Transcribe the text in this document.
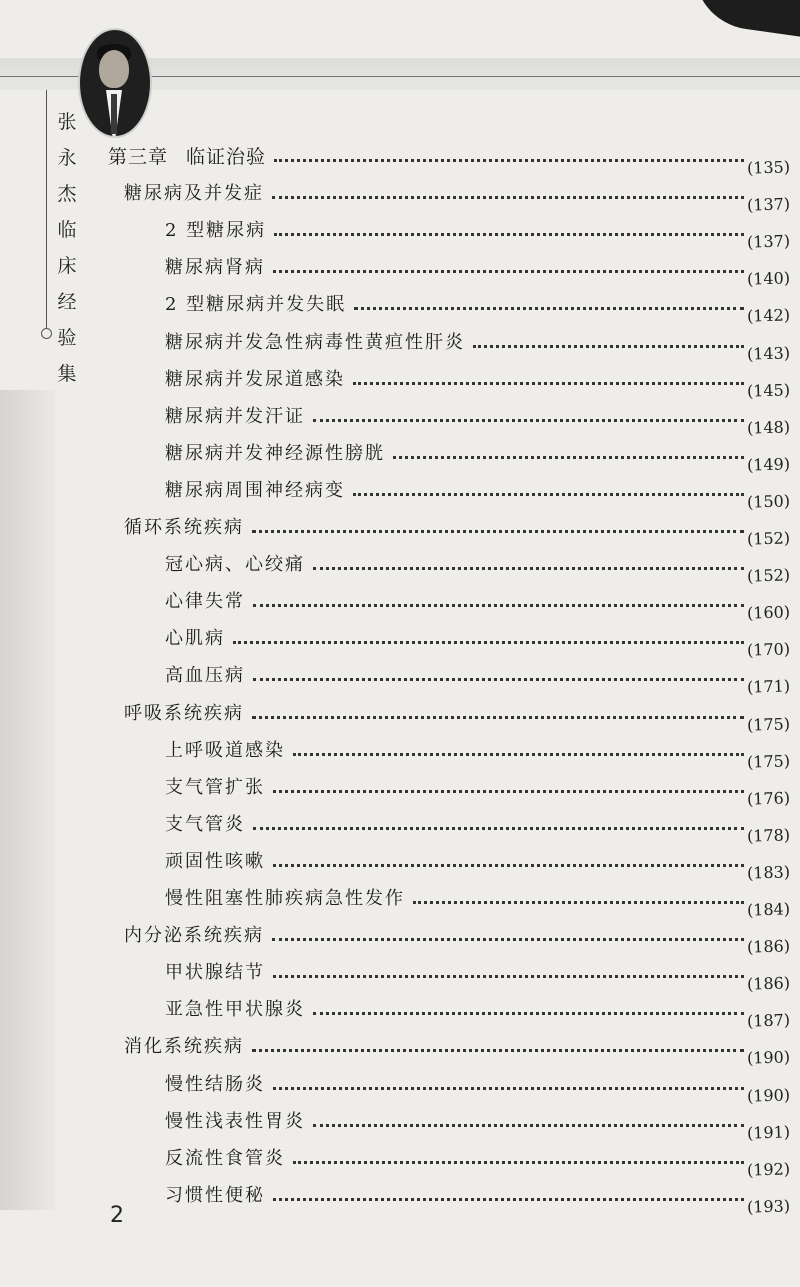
张
永
杰
临
床
经
验
集
第三章 临证治验	(135)
糖尿病及并发症
(137)
2 型糖尿病
(137)
糖尿病肾病
(140)
2 型糖尿病并发失眠
(142)
糖尿病并发急性病毒性黄疸性肝炎
(143)
糖尿病并发尿道感染
(145)
糖尿病并发汗证
(148)
糖尿病并发神经源性膀胱
(149)
糖尿病周围神经病变
(150)
循环系统疾病
(152)
冠心病、心绞痛
(152)
心律失常
(160)
心肌病
(170)
高血压病
(171)
呼吸系统疾病
(175)
上呼吸道感染
(175)
支气管扩张
(176)
支气管炎
(178)
顽固性咳嗽
(183)
慢性阻塞性肺疾病急性发作
(184)
内分泌系统疾病
(186)
甲状腺结节
(186)
亚急性甲状腺炎
(187)
消化系统疾病
(190)
慢性结肠炎
(190)
慢性浅表性胃炎
(191)
反流性食管炎
(192)
习惯性便秘
(193)
2
